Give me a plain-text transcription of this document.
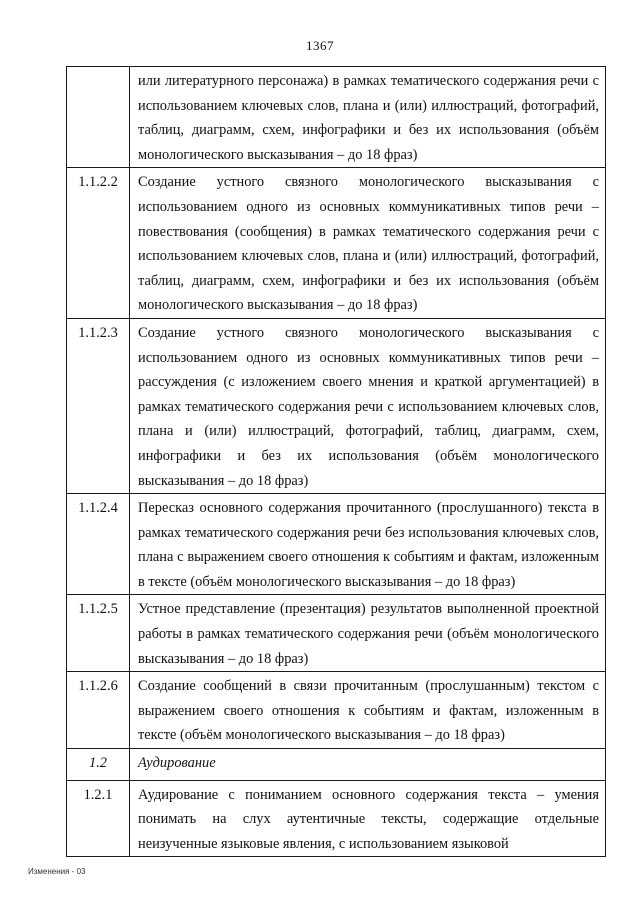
1367
	или литературного персонажа) в рамках тематического содержания речи с использованием ключевых слов, плана и (или) иллюстраций, фотографий, таблиц, диаграмм, схем, инфографики и без их использования (объём монологического высказывания – до 18 фраз)
1.1.2.2	Создание устного связного монологического высказывания с использованием одного из основных коммуникативных типов речи – повествования (сообщения) в рамках тематического содержания речи с использованием ключевых слов, плана и (или) иллюстраций, фотографий, таблиц, диаграмм, схем, инфографики и без их использования (объём монологического высказывания – до 18 фраз)
1.1.2.3	Создание устного связного монологического высказывания с использованием одного из основных коммуникативных типов речи – рассуждения (с изложением своего мнения и краткой аргументацией) в рамках тематического содержания речи с использованием ключевых слов, плана и (или) иллюстраций, фотографий, таблиц, диаграмм, схем, инфографики и без их использования (объём монологического высказывания – до 18 фраз)
1.1.2.4	Пересказ основного содержания прочитанного (прослушанного) текста в рамках тематического содержания речи без использования ключевых слов, плана с выражением своего отношения к событиям и фактам, изложенным в тексте (объём монологического высказывания – до 18 фраз)
1.1.2.5	Устное представление (презентация) результатов выполненной проектной работы в рамках тематического содержания речи (объём монологического высказывания – до 18 фраз)
1.1.2.6	Создание сообщений в связи прочитанным (прослушанным) текстом с выражением своего отношения к событиям и фактам, изложенным в тексте (объём монологического высказывания – до 18 фраз)
1.2	Аудирование
1.2.1	Аудирование с пониманием основного содержания текста – умения понимать на слух аутентичные тексты, содержащие отдельные неизученные языковые явления, с использованием языковой
Изменения - 03
